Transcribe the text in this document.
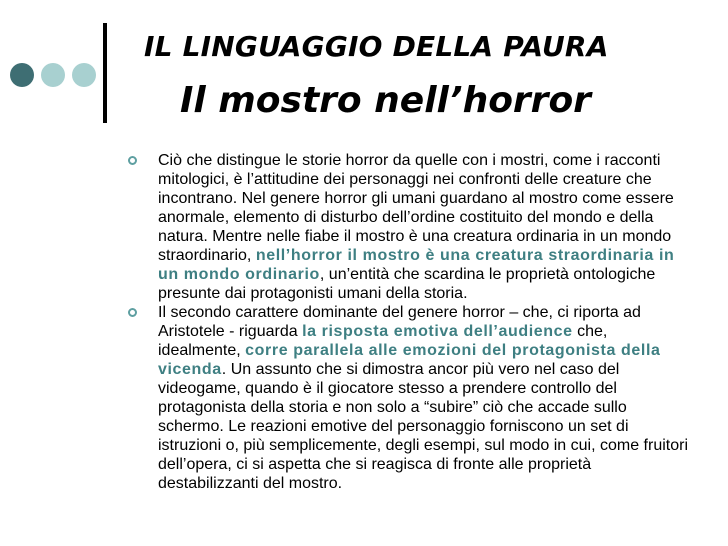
IL LINGUAGGIO DELLA PAURA
Il mostro nell’horror
Ciò che distingue le storie horror da quelle con i mostri, come i racconti mitologici, è l’attitudine dei personaggi nei confronti delle creature che incontrano. Nel genere horror gli umani guardano al mostro come essere anormale, elemento di disturbo dell’ordine costituito del mondo e della natura. Mentre nelle fiabe il mostro è una creatura ordinaria in un mondo straordinario, nell’horror il mostro è una creatura straordinaria in un mondo ordinario, un’entità che scardina le proprietà ontologiche presunte dai protagonisti umani della storia.
Il secondo carattere dominante del genere horror – che, ci riporta ad Aristotele - riguarda la risposta emotiva dell’audience che, idealmente, corre parallela alle emozioni del protagonista della vicenda. Un assunto che si dimostra ancor più vero nel caso del videogame, quando è il giocatore stesso a prendere controllo del protagonista della storia e non solo a “subire” ciò che accade sullo schermo. Le reazioni emotive del personaggio forniscono un set di istruzioni o, più semplicemente, degli esempi, sul modo in cui, come fruitori dell’opera, ci si aspetta che si reagisca di fronte alle proprietà destabilizzanti del mostro.
